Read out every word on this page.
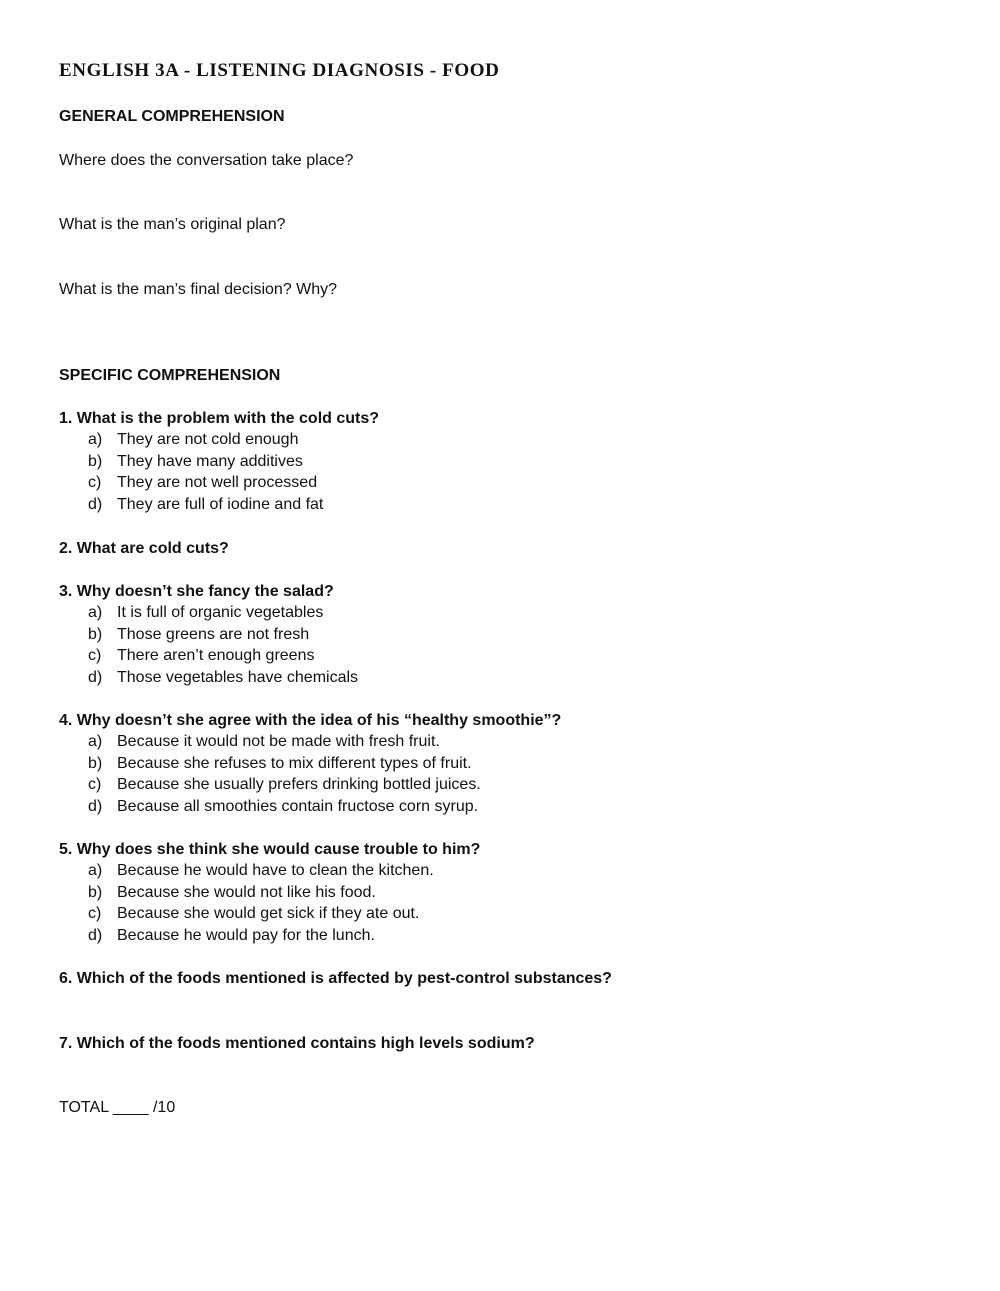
ENGLISH 3A - LISTENING DIAGNOSIS - FOOD
GENERAL COMPREHENSION
Where does the conversation take place?
What is the man’s original plan?
What is the man’s final decision? Why?
SPECIFIC COMPREHENSION
1. What is the problem with the cold cuts?
a) They are not cold enough
b) They have many additives
c) They are not well processed
d) They are full of iodine and fat
2. What are cold cuts?
3. Why doesn’t she fancy the salad?
a) It is full of organic vegetables
b) Those greens are not fresh
c) There aren’t enough greens
d) Those vegetables have chemicals
4. Why doesn’t she agree with the idea of his “healthy smoothie”?
a) Because it would not be made with fresh fruit.
b) Because she refuses to mix different types of fruit.
c) Because she usually prefers drinking bottled juices.
d) Because all smoothies contain fructose corn syrup.
5. Why does she think she would cause trouble to him?
a) Because he would have to clean the kitchen.
b) Because she would not like his food.
c) Because she would get sick if they ate out.
d) Because he would pay for the lunch.
6. Which of the foods mentioned is affected by pest-control substances?
7. Which of the foods mentioned contains high levels sodium?
TOTAL ____ /10
